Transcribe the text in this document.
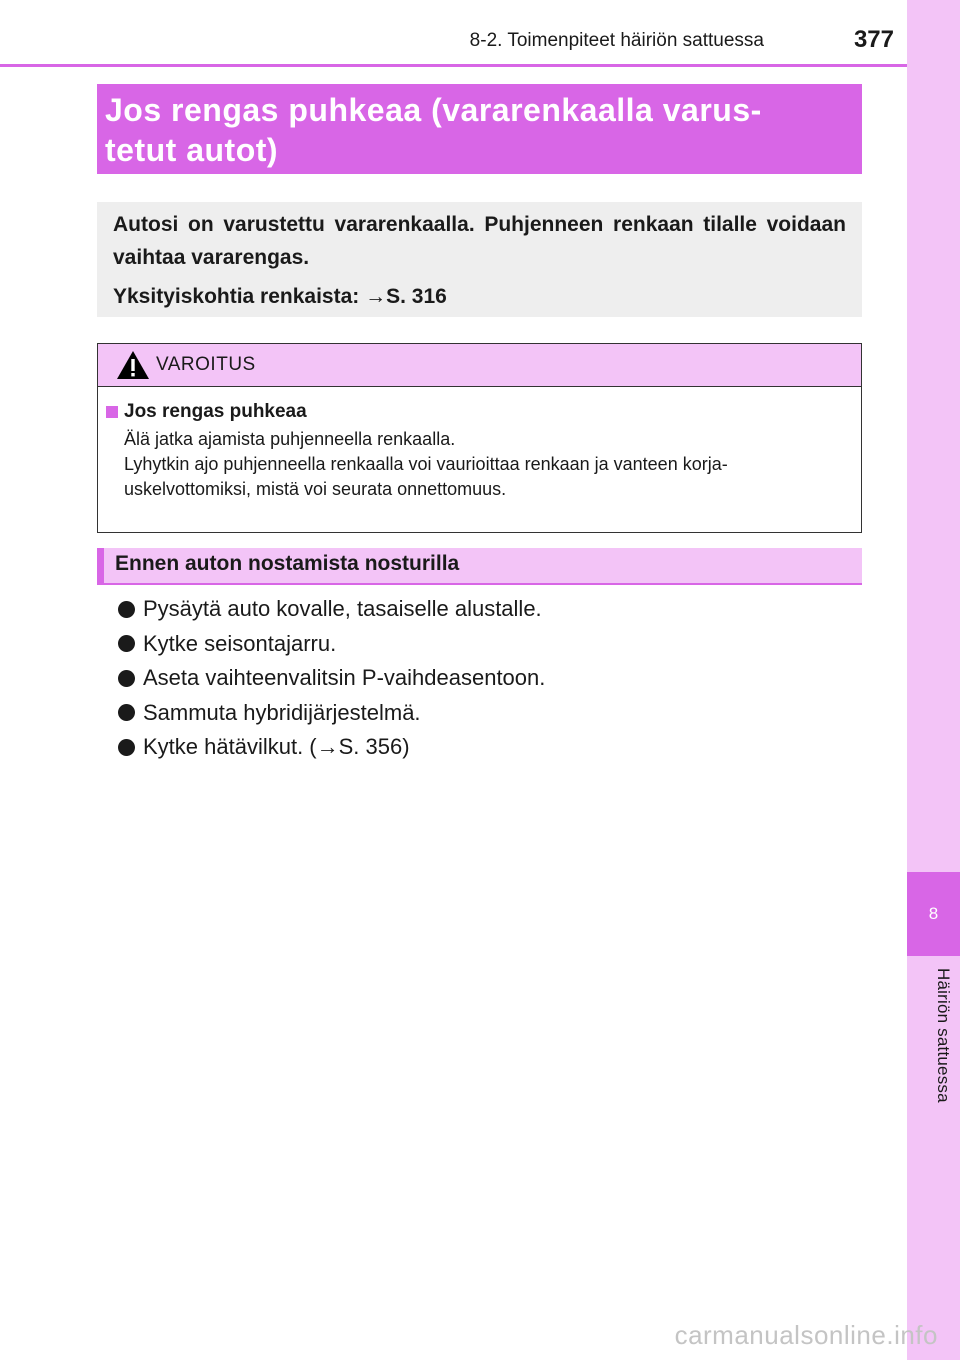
8
Häiriön sattuessa
8-2. Toimenpiteet häiriön sattuessa	377
Jos rengas puhkeaa (vararenkaalla varus-
tetut autot)
Autosi on varustettu vararenkaalla. Puhjenneen renkaan tilalle voidaan vaihtaa vararengas.
Yksityiskohtia renkaista: →S. 316
VAROITUS
Jos rengas puhkeaa
Älä jatka ajamista puhjenneella renkaalla.
Lyhytkin ajo puhjenneella renkaalla voi vaurioittaa renkaan ja vanteen korja-
uskelvottomiksi, mistä voi seurata onnettomuus.
Ennen auton nostamista nosturilla
Pysäytä auto kovalle, tasaiselle alustalle.
Kytke seisontajarru.
Aseta vaihteenvalitsin P-vaihdeasentoon.
Sammuta hybridijärjestelmä.
Kytke hätävilkut. (→S. 356)
carmanualsonline.info
